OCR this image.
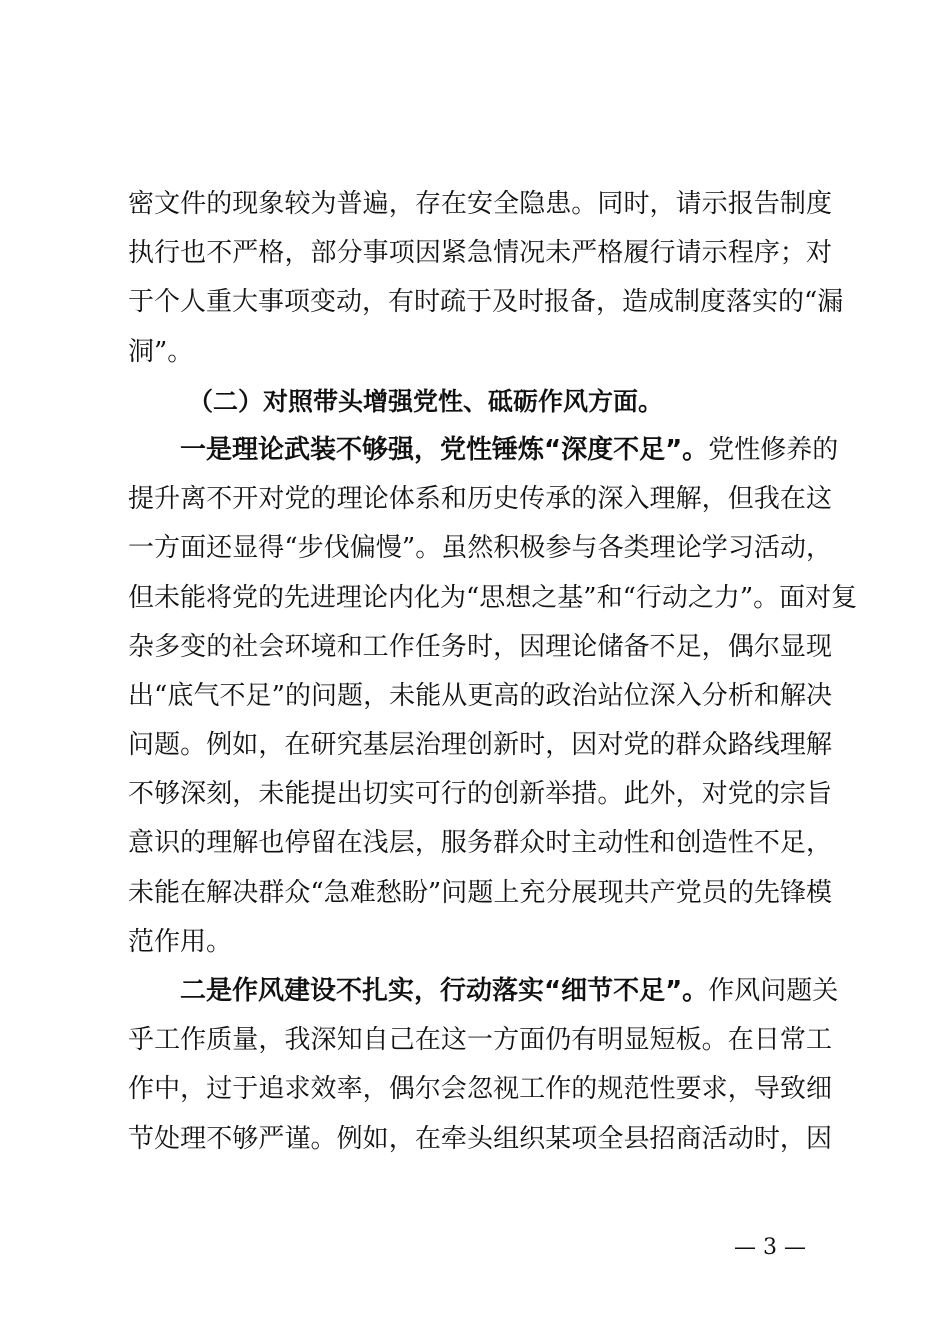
密文件的现象较为普遍，存在安全隐患。同时，请示报告制度
执行也不严格，部分事项因紧急情况未严格履行请示程序；对
于个人重大事项变动，有时疏于及时报备，造成制度落实的“漏
洞”。
（二）对照带头增强党性、砥砺作风方面。
一是理论武装不够强，党性锤炼“深度不足”。党性修养的
提升离不开对党的理论体系和历史传承的深入理解，但我在这
一方面还显得“步伐偏慢”。虽然积极参与各类理论学习活动，
但未能将党的先进理论内化为“思想之基”和“行动之力”。面对复
杂多变的社会环境和工作任务时，因理论储备不足，偶尔显现
出“底气不足”的问题，未能从更高的政治站位深入分析和解决
问题。例如，在研究基层治理创新时，因对党的群众路线理解
不够深刻，未能提出切实可行的创新举措。此外，对党的宗旨
意识的理解也停留在浅层，服务群众时主动性和创造性不足，
未能在解决群众“急难愁盼”问题上充分展现共产党员的先锋模
范作用。
二是作风建设不扎实，行动落实“细节不足”。作风问题关
乎工作质量，我深知自己在这一方面仍有明显短板。在日常工
作中，过于追求效率，偶尔会忽视工作的规范性要求，导致细
节处理不够严谨。例如，在牵头组织某项全县招商活动时，因
— 3 —
